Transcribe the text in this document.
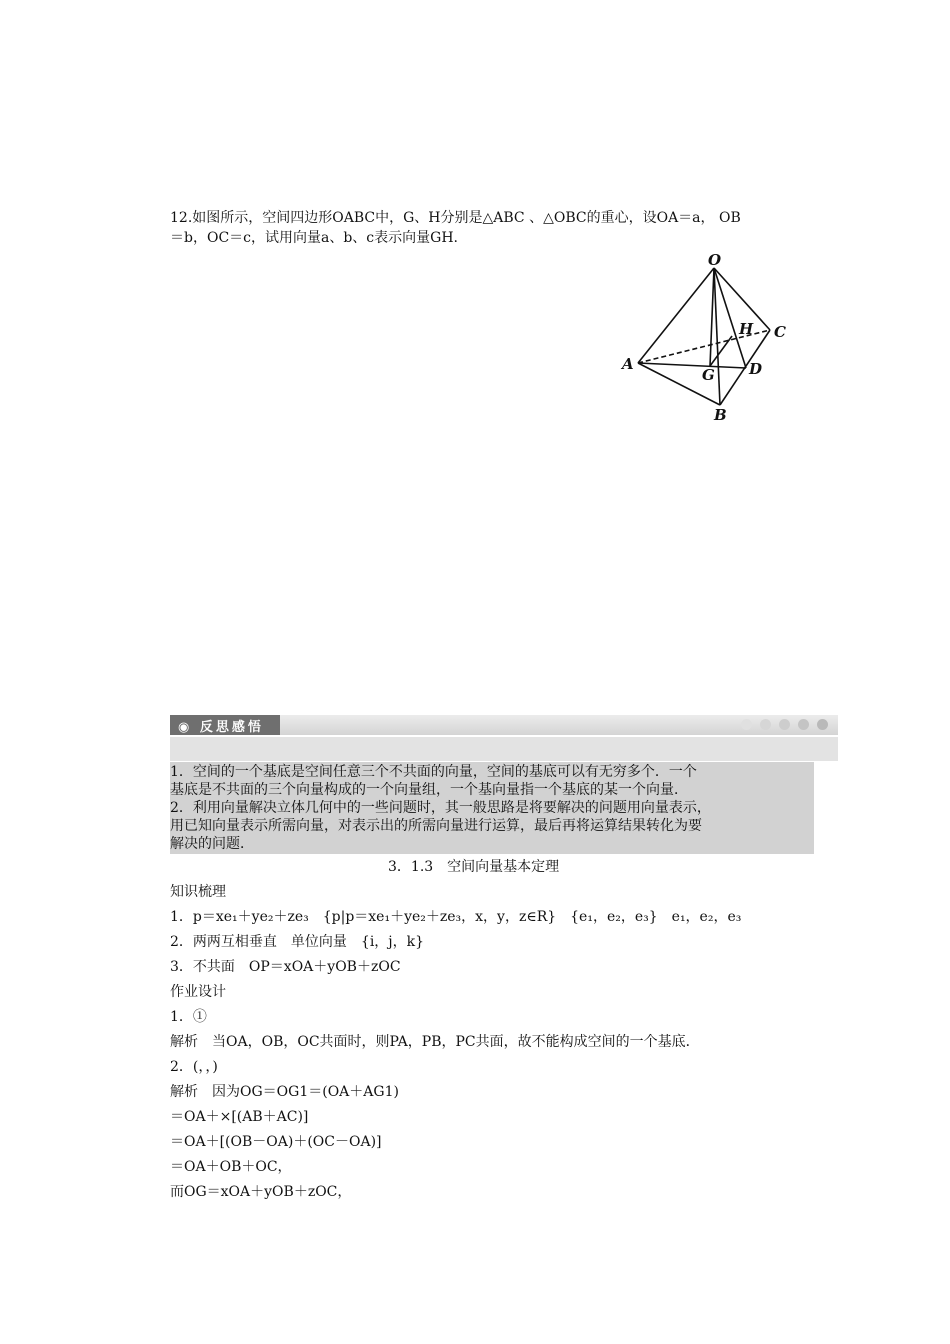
12.如图所示，空间四边形OABC中，G、H分别是△ABC 、△OBC的重心，设OA＝a， OB
＝b，OC＝c，试用向量a、b、c表示向量GH.
O
A
B
C
G
H
D
◉ 反思感悟
1．空间的一个基底是空间任意三个不共面的向量，空间的基底可以有无穷多个．一个
基底是不共面的三个向量构成的一个向量组，一个基向量指一个基底的某一个向量．
2．利用向量解决立体几何中的一些问题时，其一般思路是将要解决的问题用向量表示，
用已知向量表示所需向量，对表示出的所需向量进行运算，最后再将运算结果转化为要
解决的问题．
3．1.3　空间向量基本定理
知识梳理
1．p＝xe₁＋ye₂＋ze₃　{p|p＝xe₁＋ye₂＋ze₃，x，y，z∈R}　{e₁，e₂，e₃}　e₁，e₂，e₃
2．两两互相垂直　单位向量　{i，j，k}
3．不共面　OP＝xOA＋yOB＋zOC
作业设计
1．①
解析　当OA，OB，OC共面时，则PA，PB，PC共面，故不能构成空间的一个基底．
2．(，，)
解析　因为OG＝OG1＝(OA＋AG1)
＝OA＋×[(AB＋AC)]
＝OA＋[(OB－OA)＋(OC－OA)]
＝OA＋OB＋OC，
而OG＝xOA＋yOB＋zOC，
